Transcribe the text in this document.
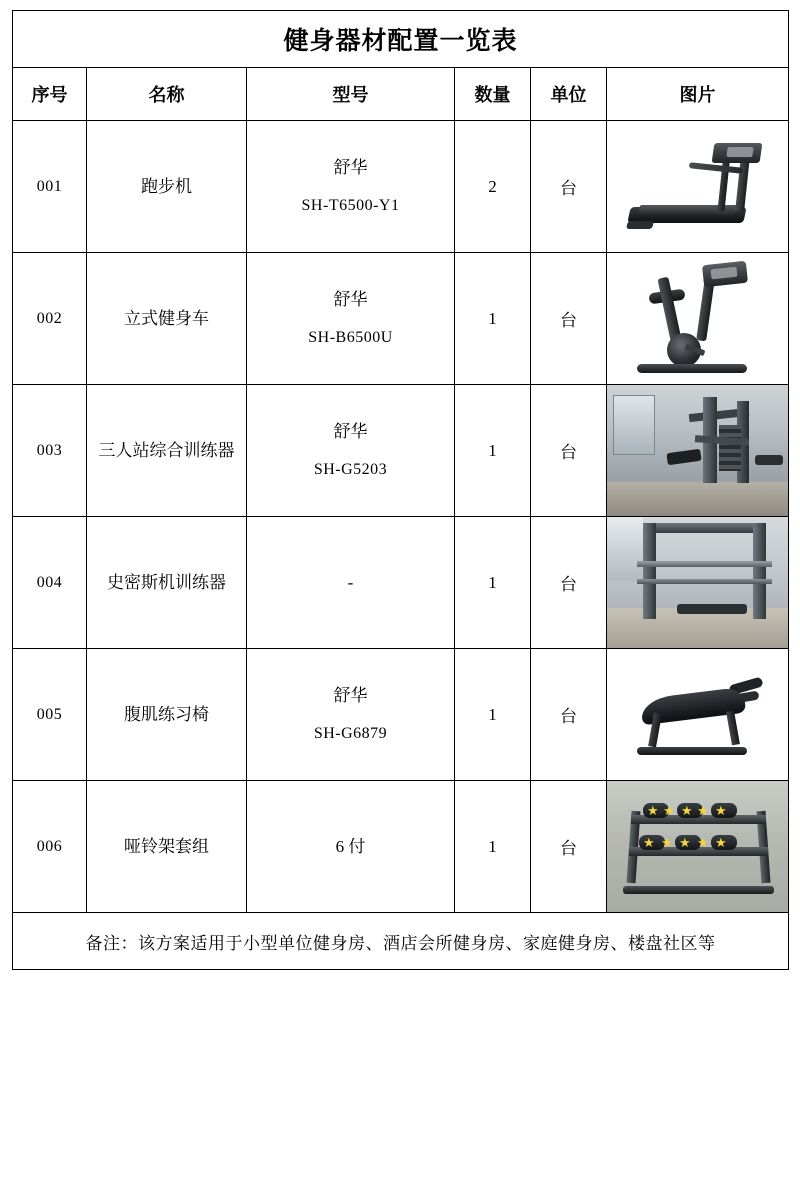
健身器材配置一览表					
序号	名称	型号	数量	单位	图片
001	跑步机	舒华
SH-T6500-Y1	2	台	

002	立式健身车	舒华
SH-B6500U	1	台	

003	三人站综合训练器	舒华
SH-G5203	1	台	

004	史密斯机训练器	-	1	台	

005	腹肌练习椅	舒华
SH-G6879	1	台	

006	哑铃架套组	6 付	1	台	
★ ★ ★
★ ★ ★
★ ★
★ ★

备注：该方案适用于小型单位健身房、酒店会所健身房、家庭健身房、楼盘社区等					
